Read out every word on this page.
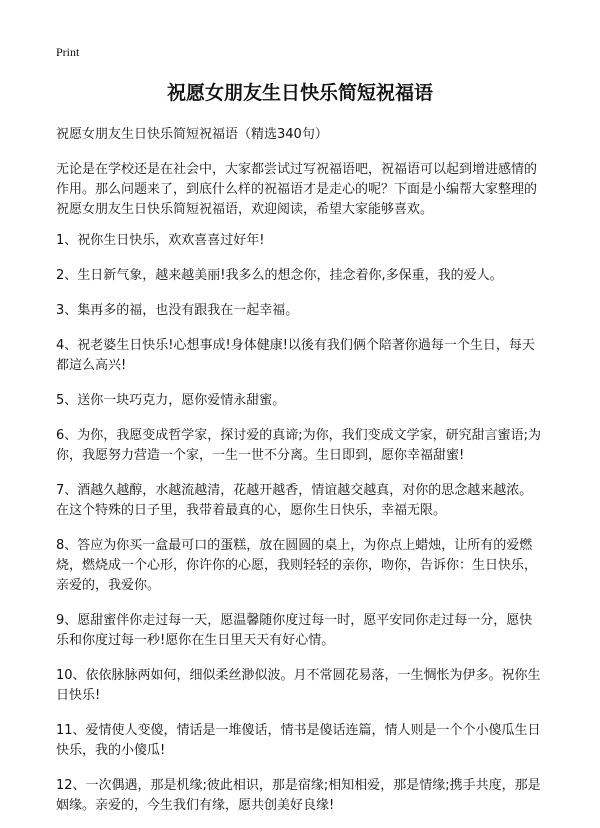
Print

祝愿女朋友生日快乐简短祝福语

祝愿女朋友生日快乐简短祝福语（精选340句）

无论是在学校还是在社会中，大家都尝试过写祝福语吧，祝福语可以起到增进感情的作用。那么问题来了，到底什么样的祝福语才是走心的呢？下面是小编帮大家整理的祝愿女朋友生日快乐简短祝福语，欢迎阅读，希望大家能够喜欢。

1、祝你生日快乐，欢欢喜喜过好年!
2、生日新气象，越来越美丽!我多么的想念你，挂念着你,多保重，我的爱人。
3、集再多的福，也没有跟我在一起幸福。
4、祝老婆生日快乐!心想事成!身体健康!以後有我们俩个陪著你過每一个生日，每天都這么高兴!
5、送你一块巧克力，愿你爱情永甜蜜。
6、为你，我愿变成哲学家，探讨爱的真谛;为你，我们变成文学家，研究甜言蜜语;为你，我愿努力营造一个家，一生一世不分离。生日即到，愿你幸福甜蜜!
7、酒越久越醇，水越流越清，花越开越香，情谊越交越真，对你的思念越来越浓。在这个特殊的日子里，我带着最真的心，愿你生日快乐，幸福无限。
8、答应为你买一盒最可口的蛋糕，放在圆圆的桌上，为你点上蜡烛，让所有的爱燃烧，燃烧成一个心形，你许你的心愿，我则轻轻的亲你，吻你，告诉你：生日快乐，亲爱的，我爱你。
9、愿甜蜜伴你走过每一天，愿温馨随你度过每一时，愿平安同你走过每一分，愿快乐和你度过每一秒!愿你在生日里天天有好心情。
10、依依脉脉两如何，细似柔丝渺似波。月不常圆花易落，一生惆怅为伊多。祝你生日快乐!
11、爱情使人变傻，情话是一堆傻话，情书是傻话连篇，情人则是一个个小傻瓜生日快乐，我的小傻瓜!
12、一次偶遇，那是机缘;彼此相识，那是宿缘;相知相爱，那是情缘;携手共度，那是姻缘。亲爱的，今生我们有缘，愿共创美好良缘!
